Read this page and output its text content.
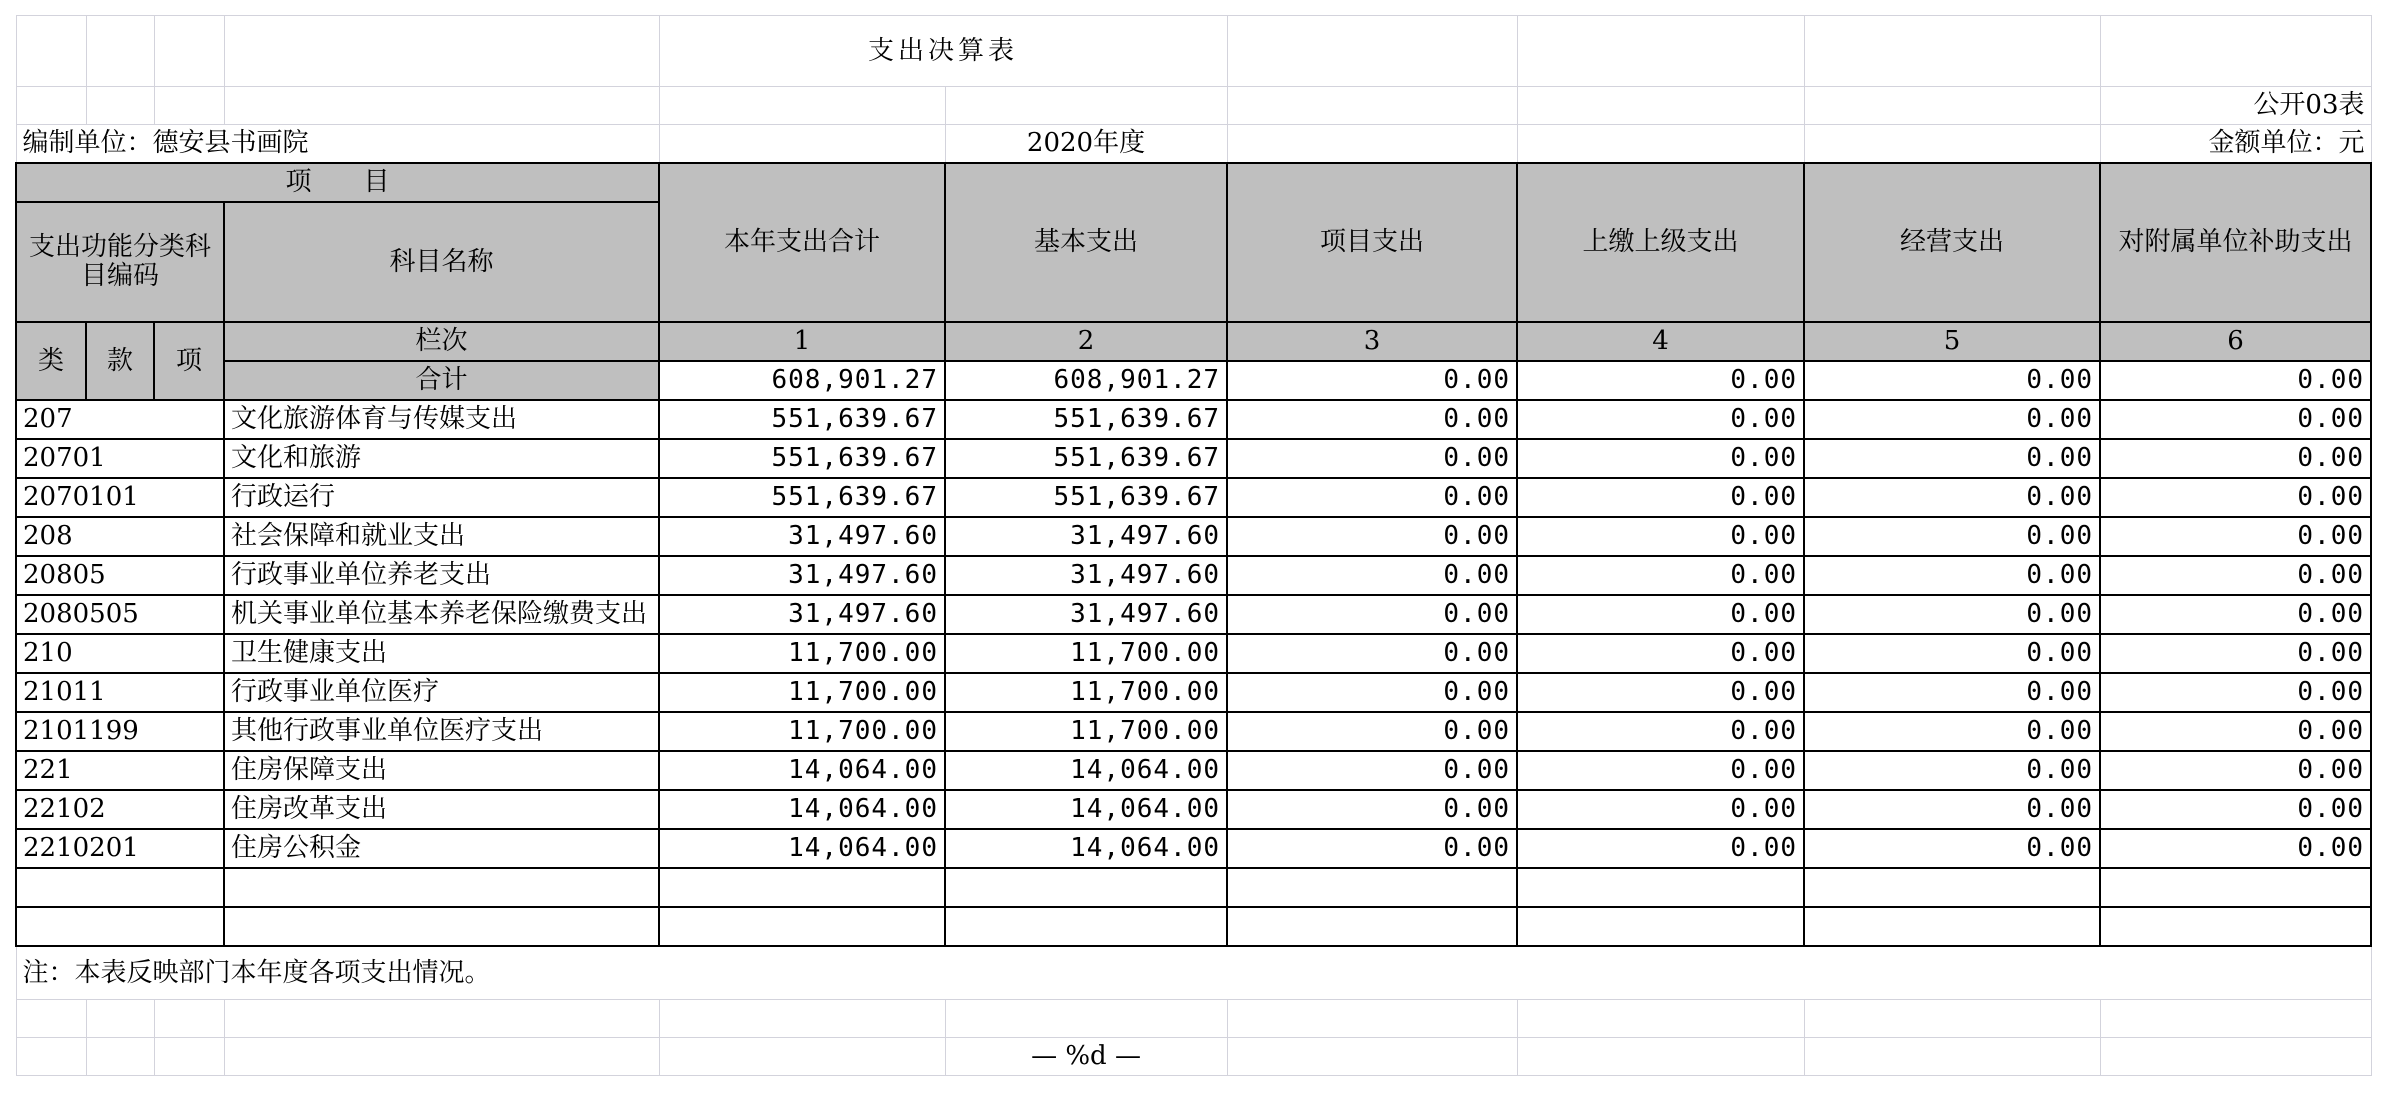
				支出决算表					
									公开03表
编制单位：德安县书画院					2020年度				金额单位：元
项　　目				本年支出合计	基本支出	项目支出	上缴上级支出	经营支出	对附属单位补助支出
支出功能分类科目编码			科目名称						
类	款	项	栏次	1	2	3	4	5	6
			合计	608,901.27	608,901.27	0.00	0.00	0.00	0.00
207			文化旅游体育与传媒支出	551,639.67	551,639.67	0.00	0.00	0.00	0.00
20701			文化和旅游	551,639.67	551,639.67	0.00	0.00	0.00	0.00
2070101			行政运行	551,639.67	551,639.67	0.00	0.00	0.00	0.00
208			社会保障和就业支出	31,497.60	31,497.60	0.00	0.00	0.00	0.00
20805			行政事业单位养老支出	31,497.60	31,497.60	0.00	0.00	0.00	0.00
2080505			机关事业单位基本养老保险缴费支出	31,497.60	31,497.60	0.00	0.00	0.00	0.00
210			卫生健康支出	11,700.00	11,700.00	0.00	0.00	0.00	0.00
21011			行政事业单位医疗	11,700.00	11,700.00	0.00	0.00	0.00	0.00
2101199			其他行政事业单位医疗支出	11,700.00	11,700.00	0.00	0.00	0.00	0.00
221			住房保障支出	14,064.00	14,064.00	0.00	0.00	0.00	0.00
22102			住房改革支出	14,064.00	14,064.00	0.00	0.00	0.00	0.00
2210201			住房公积金	14,064.00	14,064.00	0.00	0.00	0.00	0.00

注：本表反映部门本年度各项支出情况。									

					— %d —				
